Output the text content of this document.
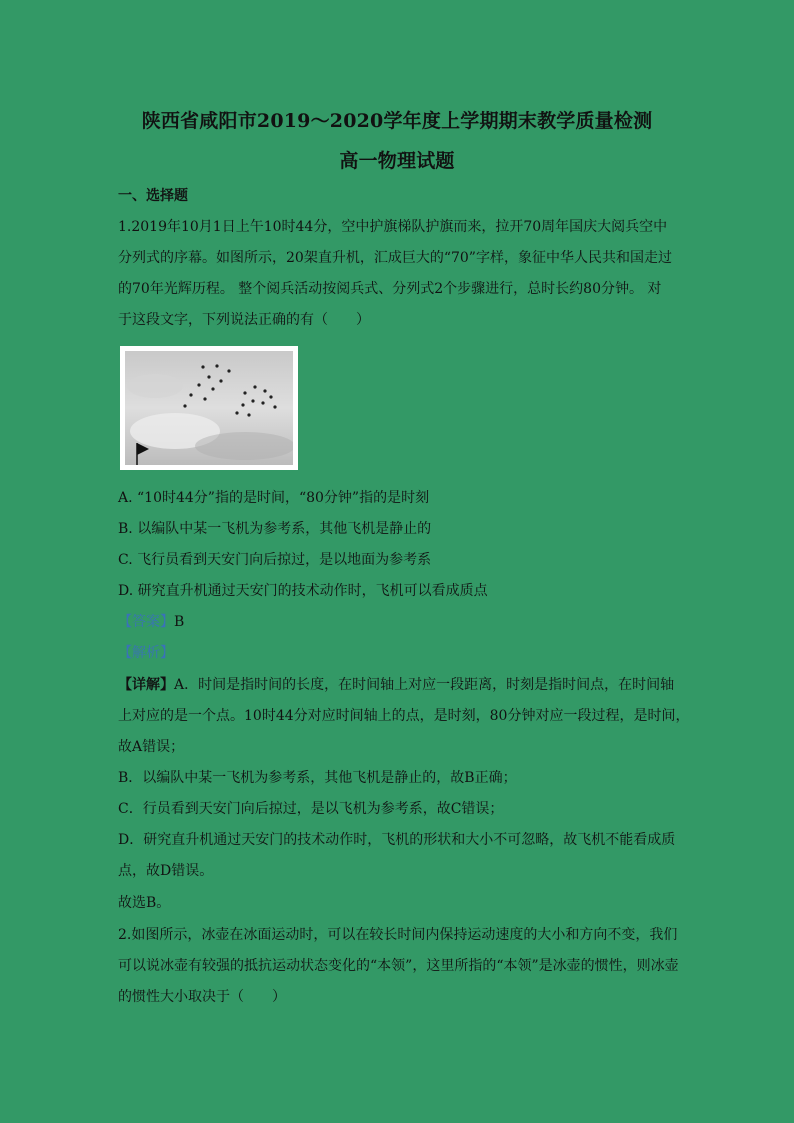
陕西省咸阳市2019～2020学年度上学期期末教学质量检测
高一物理试题
一、选择题
1.2019年10月1日上午10时44分，空中护旗梯队护旗而来，拉开70周年国庆大阅兵空中
分列式的序幕。如图所示，20架直升机，汇成巨大的“70”字样，象征中华人民共和国走过
的70年光辉历程。 整个阅兵活动按阅兵式、分列式2个步骤进行，总时长约80分钟。 对
于这段文字，下列说法正确的有（　　）
A. “10时44分”指的是时间，“80分钟”指的是时刻
B. 以编队中某一飞机为参考系，其他飞机是静止的
C. 飞行员看到天安门向后掠过，是以地面为参考系
D. 研究直升机通过天安门的技术动作时，飞机可以看成质点
【答案】B
【解析】
【详解】A．时间是指时间的长度，在时间轴上对应一段距离，时刻是指时间点，在时间轴
上对应的是一个点。10时44分对应时间轴上的点，是时刻，80分钟对应一段过程，是时间，
故A错误；
B．以编队中某一飞机为参考系，其他飞机是静止的，故B正确；
C．行员看到天安门向后掠过，是以飞机为参考系，故C错误；
D．研究直升机通过天安门的技术动作时，飞机的形状和大小不可忽略，故飞机不能看成质
点，故D错误。
故选B。
2.如图所示，冰壶在冰面运动时，可以在较长时间内保持运动速度的大小和方向不变，我们
可以说冰壶有较强的抵抗运动状态变化的“本领”，这里所指的“本领”是冰壶的惯性，则冰壶
的惯性大小取决于（　　）
